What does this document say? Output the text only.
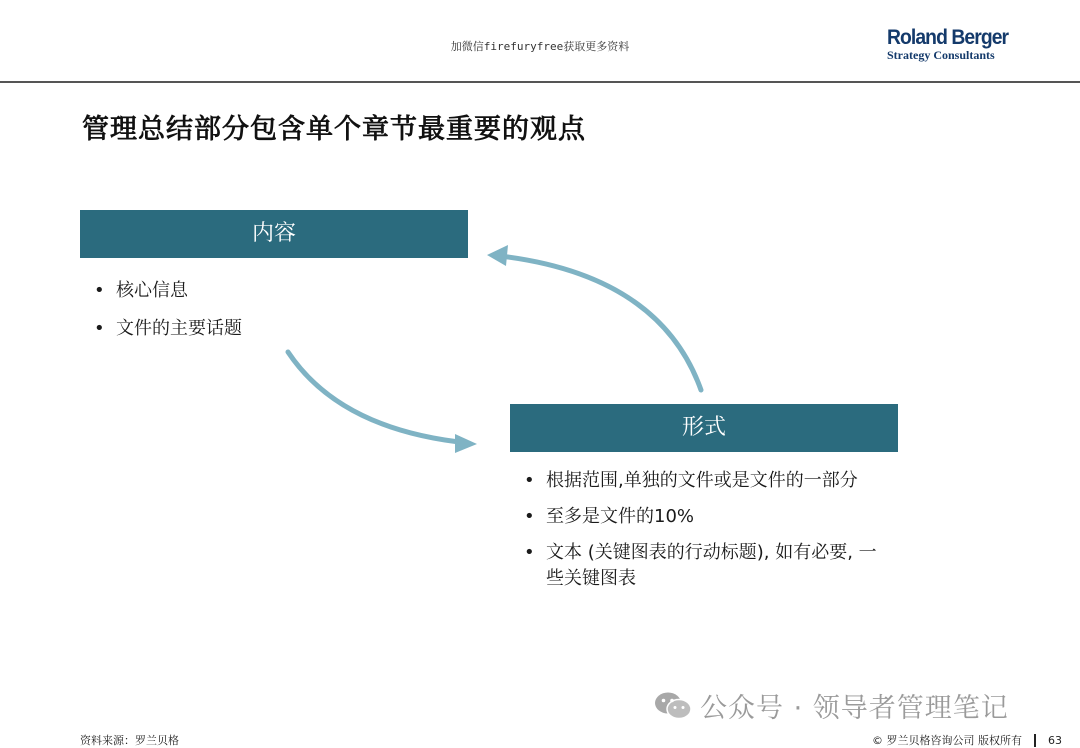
加微信firefuryfree获取更多资料	Roland Berger
Strategy Consultants
管理总结部分包含单个章节最重要的观点
内容
• 核心信息
• 文件的主要话题
形式
• 根据范围,单独的文件或是文件的一部分
• 至多是文件的10%
• 文本 (关键图表的行动标题), 如有必要, 一些关键图表
公众号 · 领导者管理笔记
资料来源：罗兰贝格	© 罗兰贝格咨询公司 版权所有 63
